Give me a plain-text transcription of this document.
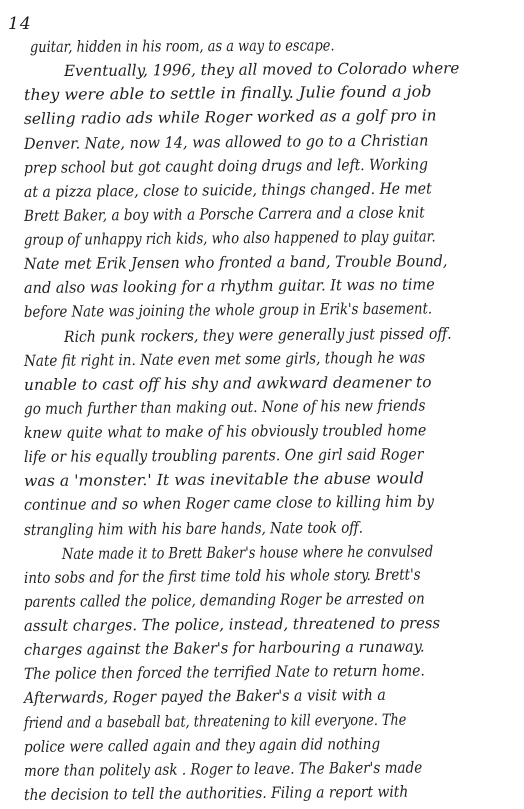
14
guitar, hidden in his room, as a way to escape.
Eventually, 1996, they all moved to Colorado where
they were able to settle in finally. Julie found a job
selling radio ads while Roger worked as a golf pro in
Denver. Nate, now 14, was allowed to go to a Christian
prep school but got caught doing drugs and left. Working
at a pizza place, close to suicide, things changed. He met
Brett Baker, a boy with a Porsche Carrera and a close knit
group of unhappy rich kids, who also happened to play guitar.
Nate met Erik Jensen who fronted a band, Trouble Bound,
and also was looking for a rhythm guitar. It was no time
before Nate was joining the whole group in Erik's basement.
Rich punk rockers, they were generally just pissed off.
Nate fit right in. Nate even met some girls, though he was
unable to cast off his shy and awkward deamener to
go much further than making out. None of his new friends
knew quite what to make of his obviously troubled home
life or his equally troubling parents. One girl said Roger
was a 'monster.' It was inevitable the abuse would
continue and so when Roger came close to killing him by
strangling him with his bare hands, Nate took off.
Nate made it to Brett Baker's house where he convulsed
into sobs and for the first time told his whole story. Brett's
parents called the police, demanding Roger be arrested on
assult charges. The police, instead, threatened to press
charges against the Baker's for harbouring a runaway.
The police then forced the terrified Nate to return home.
Afterwards, Roger payed the Baker's a visit with a
friend and a baseball bat, threatening to kill everyone. The
police were called again and they again did nothing
more than politely ask . Roger to leave. The Baker's made
the decision to tell the authorities. Filing a report with
